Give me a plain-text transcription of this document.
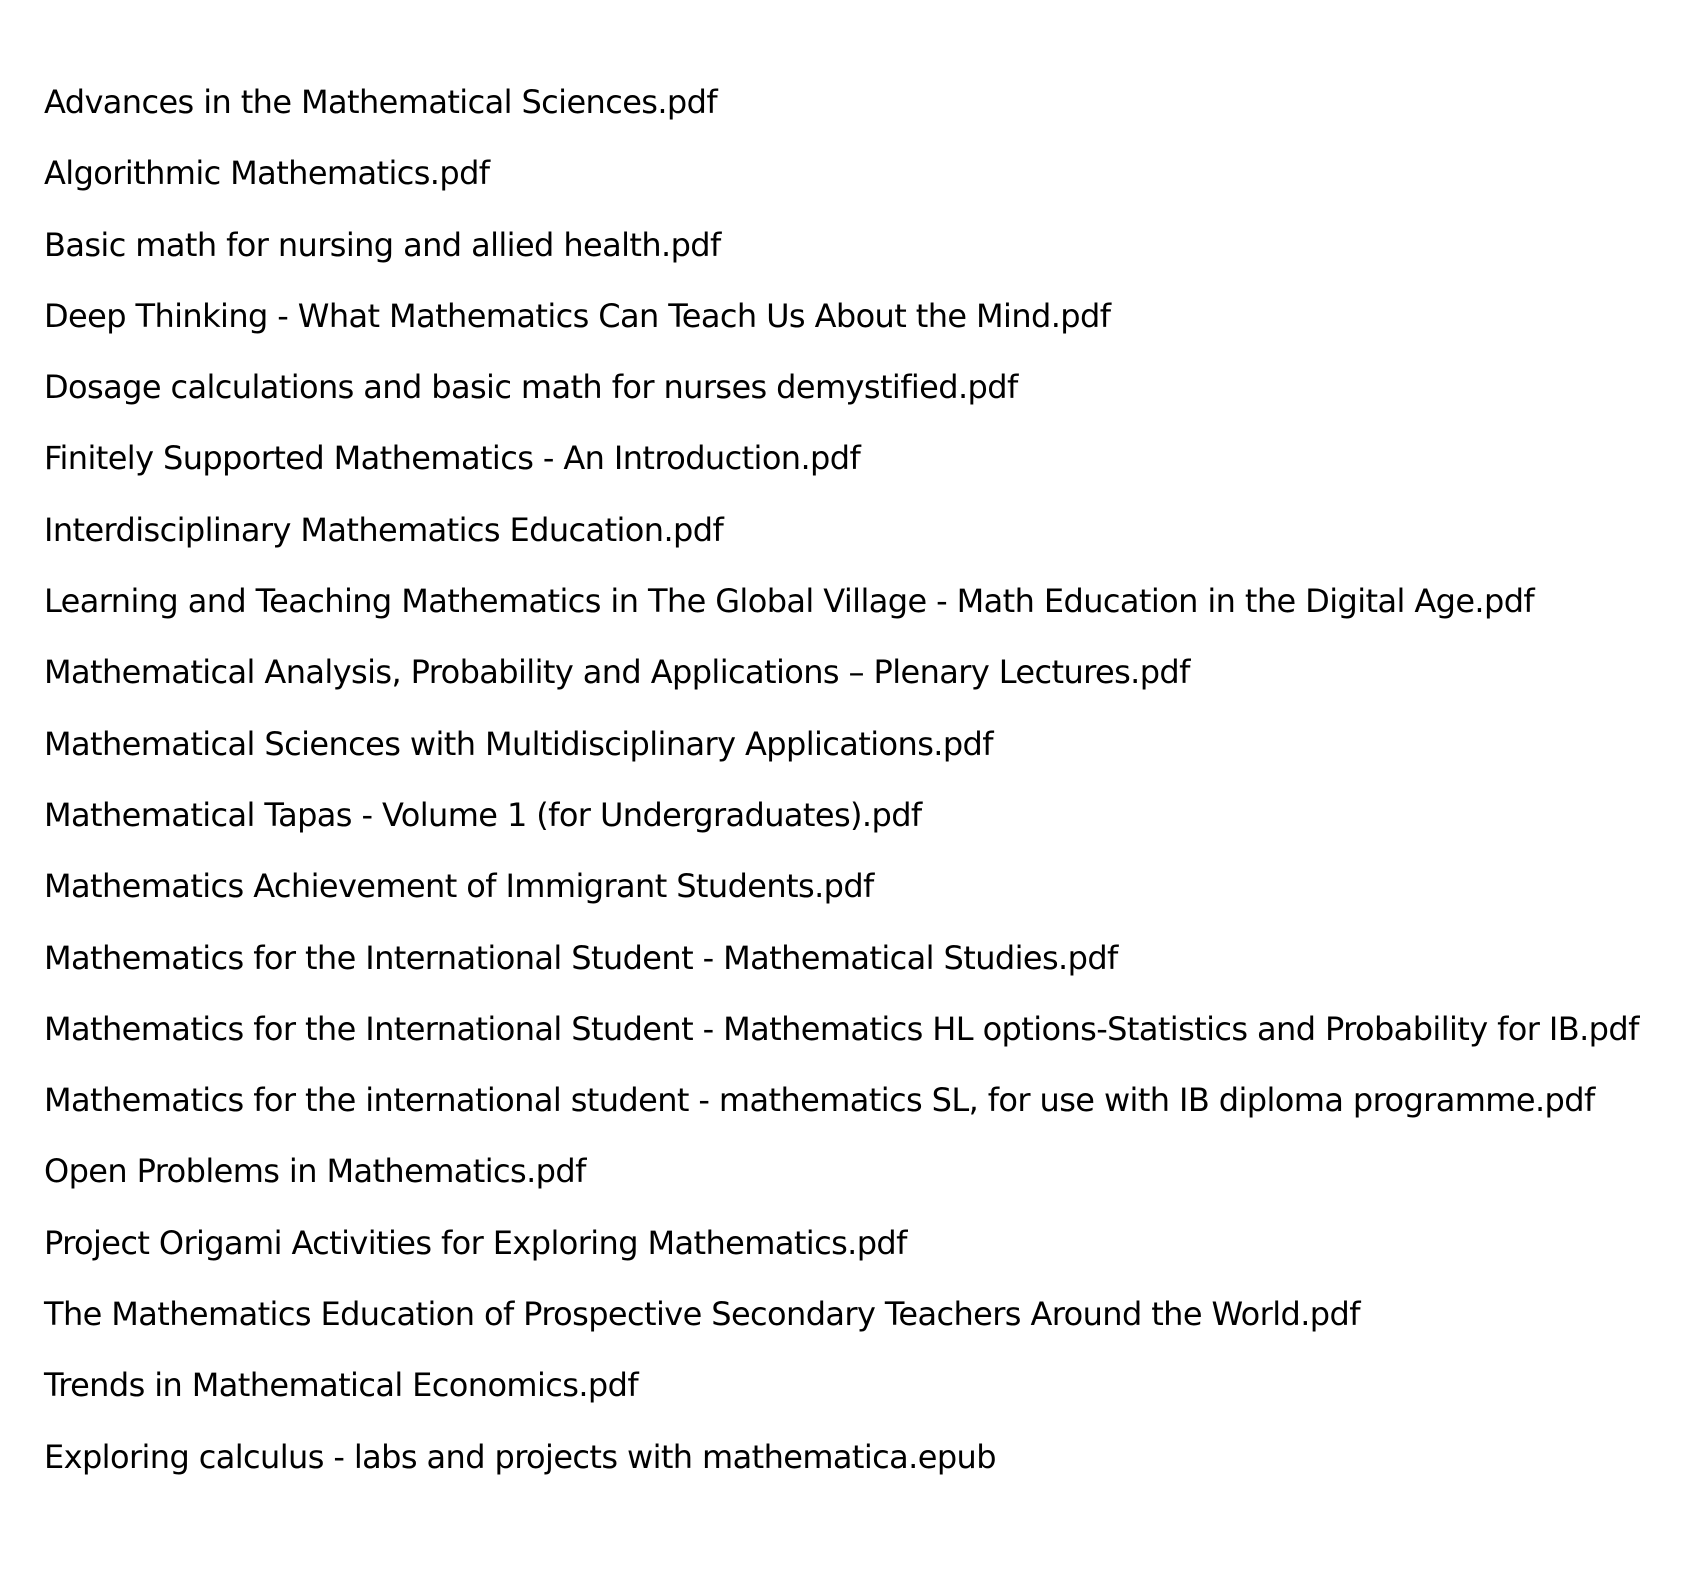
Advances in the Mathematical Sciences.pdf
Algorithmic Mathematics.pdf
Basic math for nursing and allied health.pdf
Deep Thinking - What Mathematics Can Teach Us About the Mind.pdf
Dosage calculations and basic math for nurses demystified.pdf
Finitely Supported Mathematics - An Introduction.pdf
Interdisciplinary Mathematics Education.pdf
Learning and Teaching Mathematics in The Global Village - Math Education in the Digital Age.pdf
Mathematical Analysis, Probability and Applications – Plenary Lectures.pdf
Mathematical Sciences with Multidisciplinary Applications.pdf
Mathematical Tapas - Volume 1 (for Undergraduates).pdf
Mathematics Achievement of Immigrant Students.pdf
Mathematics for the International Student - Mathematical Studies.pdf
Mathematics for the International Student - Mathematics HL options-Statistics and Probability for IB.pdf
Mathematics for the international student - mathematics SL, for use with IB diploma programme.pdf
Open Problems in Mathematics.pdf
Project Origami Activities for Exploring Mathematics.pdf
The Mathematics Education of Prospective Secondary Teachers Around the World.pdf
Trends in Mathematical Economics.pdf
Exploring calculus - labs and projects with mathematica.epub
